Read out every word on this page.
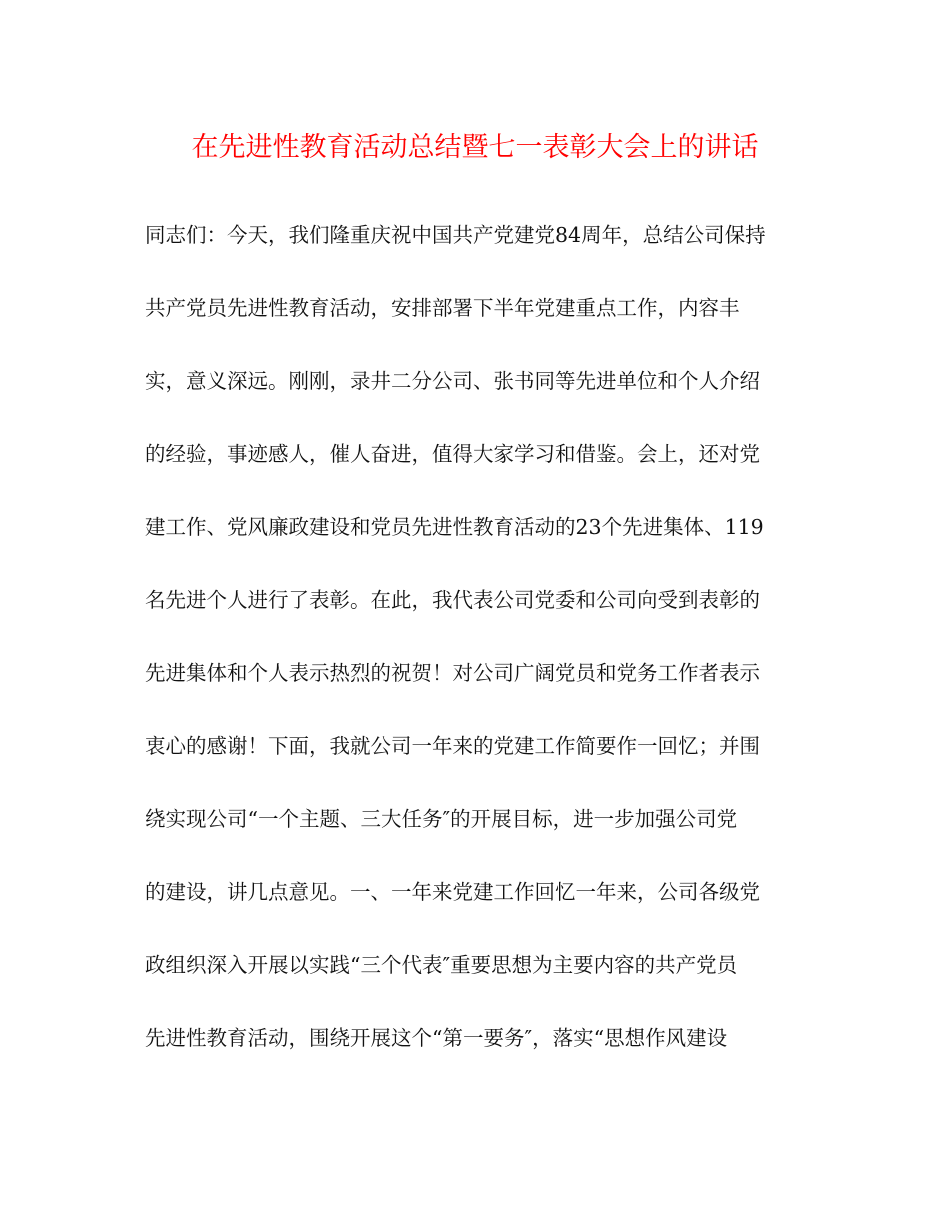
在先进性教育活动总结暨七一表彰大会上的讲话
同志们：今天，我们隆重庆祝中国共产党建党84周年，总结公司保持
共产党员先进性教育活动，安排部署下半年党建重点工作，内容丰
实，意义深远。刚刚，录井二分公司、张书同等先进单位和个人介绍
的经验，事迹感人，催人奋进，值得大家学习和借鉴。会上，还对党
建工作、党风廉政建设和党员先进性教育活动的23个先进集体、119
名先进个人进行了表彰。在此，我代表公司党委和公司向受到表彰的
先进集体和个人表示热烈的祝贺！对公司广阔党员和党务工作者表示
衷心的感谢！下面，我就公司一年来的党建工作简要作一回忆；并围
绕实现公司“一个主题、三大任务″的开展目标，进一步加强公司党
的建设，讲几点意见。一、一年来党建工作回忆一年来，公司各级党
政组织深入开展以实践“三个代表″重要思想为主要内容的共产党员
先进性教育活动，围绕开展这个“第一要务″，落实“思想作风建设
